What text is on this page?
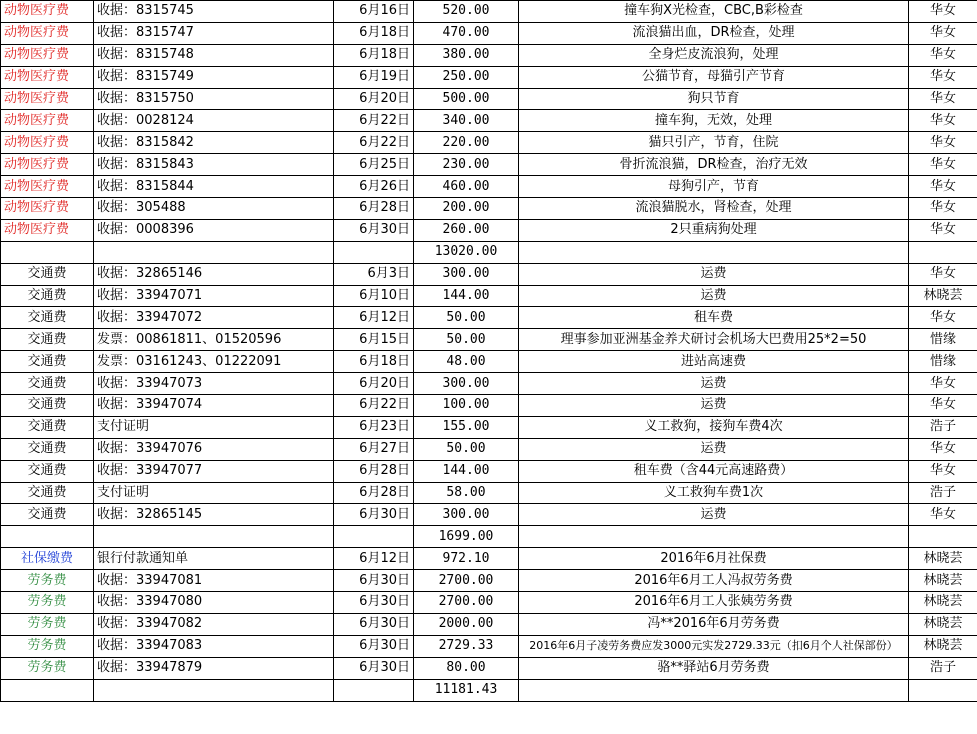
动物医疗费	收据：8315745	6月16日	520.00	撞车狗X光检查，CBC,B彩检查	华女
动物医疗费	收据：8315747	6月18日	470.00	流浪猫出血，DR检查，处理	华女
动物医疗费	收据：8315748	6月18日	380.00	全身烂皮流浪狗，处理	华女
动物医疗费	收据：8315749	6月19日	250.00	公猫节育，母猫引产节育	华女
动物医疗费	收据：8315750	6月20日	500.00	狗只节育	华女
动物医疗费	收据：0028124	6月22日	340.00	撞车狗，无效，处理	华女
动物医疗费	收据：8315842	6月22日	220.00	猫只引产，节育，住院	华女
动物医疗费	收据：8315843	6月25日	230.00	骨折流浪猫，DR检查，治疗无效	华女
动物医疗费	收据：8315844	6月26日	460.00	母狗引产，节育	华女
动物医疗费	收据：305488	6月28日	200.00	流浪猫脱水，肾检查，处理	华女
动物医疗费	收据：0008396	6月30日	260.00	2只重病狗处理	华女
			13020.00		
交通费	收据：32865146	6月3日	300.00	运费	华女
交通费	收据：33947071	6月10日	144.00	运费	林晓芸
交通费	收据：33947072	6月12日	50.00	租车费	华女
交通费	发票：00861811、01520596	6月15日	50.00	理事参加亚洲基金养犬研讨会机场大巴费用25*2=50	惜缘
交通费	发票：03161243、01222091	6月18日	48.00	进站高速费	惜缘
交通费	收据：33947073	6月20日	300.00	运费	华女
交通费	收据：33947074	6月22日	100.00	运费	华女
交通费	支付证明	6月23日	155.00	义工救狗，接狗车费4次	浩子
交通费	收据：33947076	6月27日	50.00	运费	华女
交通费	收据：33947077	6月28日	144.00	租车费（含44元高速路费）	华女
交通费	支付证明	6月28日	58.00	义工救狗车费1次	浩子
交通费	收据：32865145	6月30日	300.00	运费	华女
			1699.00		
社保缴费	银行付款通知单	6月12日	972.10	2016年6月社保费	林晓芸
劳务费	收据：33947081	6月30日	2700.00	2016年6月工人冯叔劳务费	林晓芸
劳务费	收据：33947080	6月30日	2700.00	2016年6月工人张姨劳务费	林晓芸
劳务费	收据：33947082	6月30日	2000.00	冯**2016年6月劳务费	林晓芸
劳务费	收据：33947083	6月30日	2729.33	2016年6月子凌劳务费应发3000元实发2729.33元（扣6月个人社保部份）	林晓芸
劳务费	收据：33947879	6月30日	80.00	骆**驿站6月劳务费	浩子
			11181.43		
